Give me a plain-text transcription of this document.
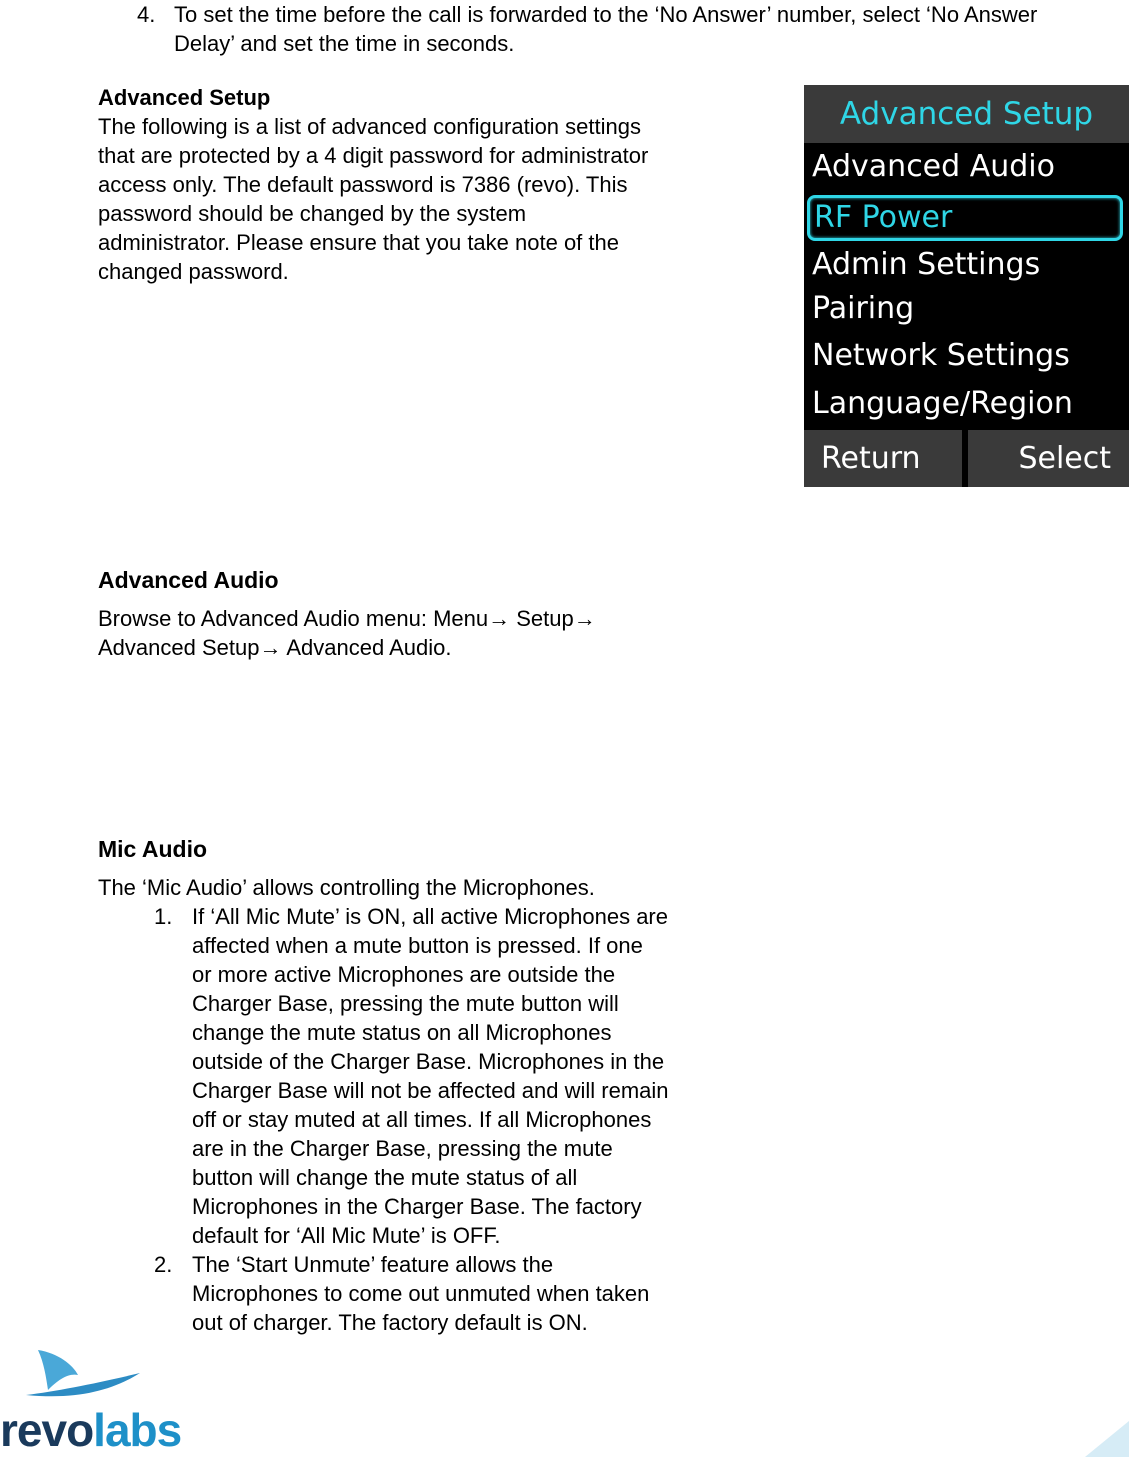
4. To set the time before the call is forwarded to the ‘No Answer’ number, select ‘No Answer Delay’ and set the time in seconds.
Advanced Setup
The following is a list of advanced configuration settings
that are protected by a 4 digit password for administrator
access only. The default password is 7386 (revo). This
password should be changed by the system
administrator. Please ensure that you take note of the
changed password.
Advanced Setup
Advanced Audio
RF Power
Admin Settings
Pairing
Network Settings
Language/Region
Return	Select
Advanced Audio
Browse to Advanced Audio menu: Menu→ Setup→
Advanced Setup→ Advanced Audio.
Mic Audio
The ‘Mic Audio’ allows controlling the Microphones.
1. If ‘All Mic Mute’ is ON, all active Microphones are
affected when a mute button is pressed. If one
or more active Microphones are outside the
Charger Base, pressing the mute button will
change the mute status on all Microphones
outside of the Charger Base. Microphones in the
Charger Base will not be affected and will remain
off or stay muted at all times. If all Microphones
are in the Charger Base, pressing the mute
button will change the mute status of all
Microphones in the Charger Base. The factory
default for ‘All Mic Mute’ is OFF.
2. The ‘Start Unmute’ feature allows the
Microphones to come out unmuted when taken
out of charger. The factory default is ON.
revolabs
